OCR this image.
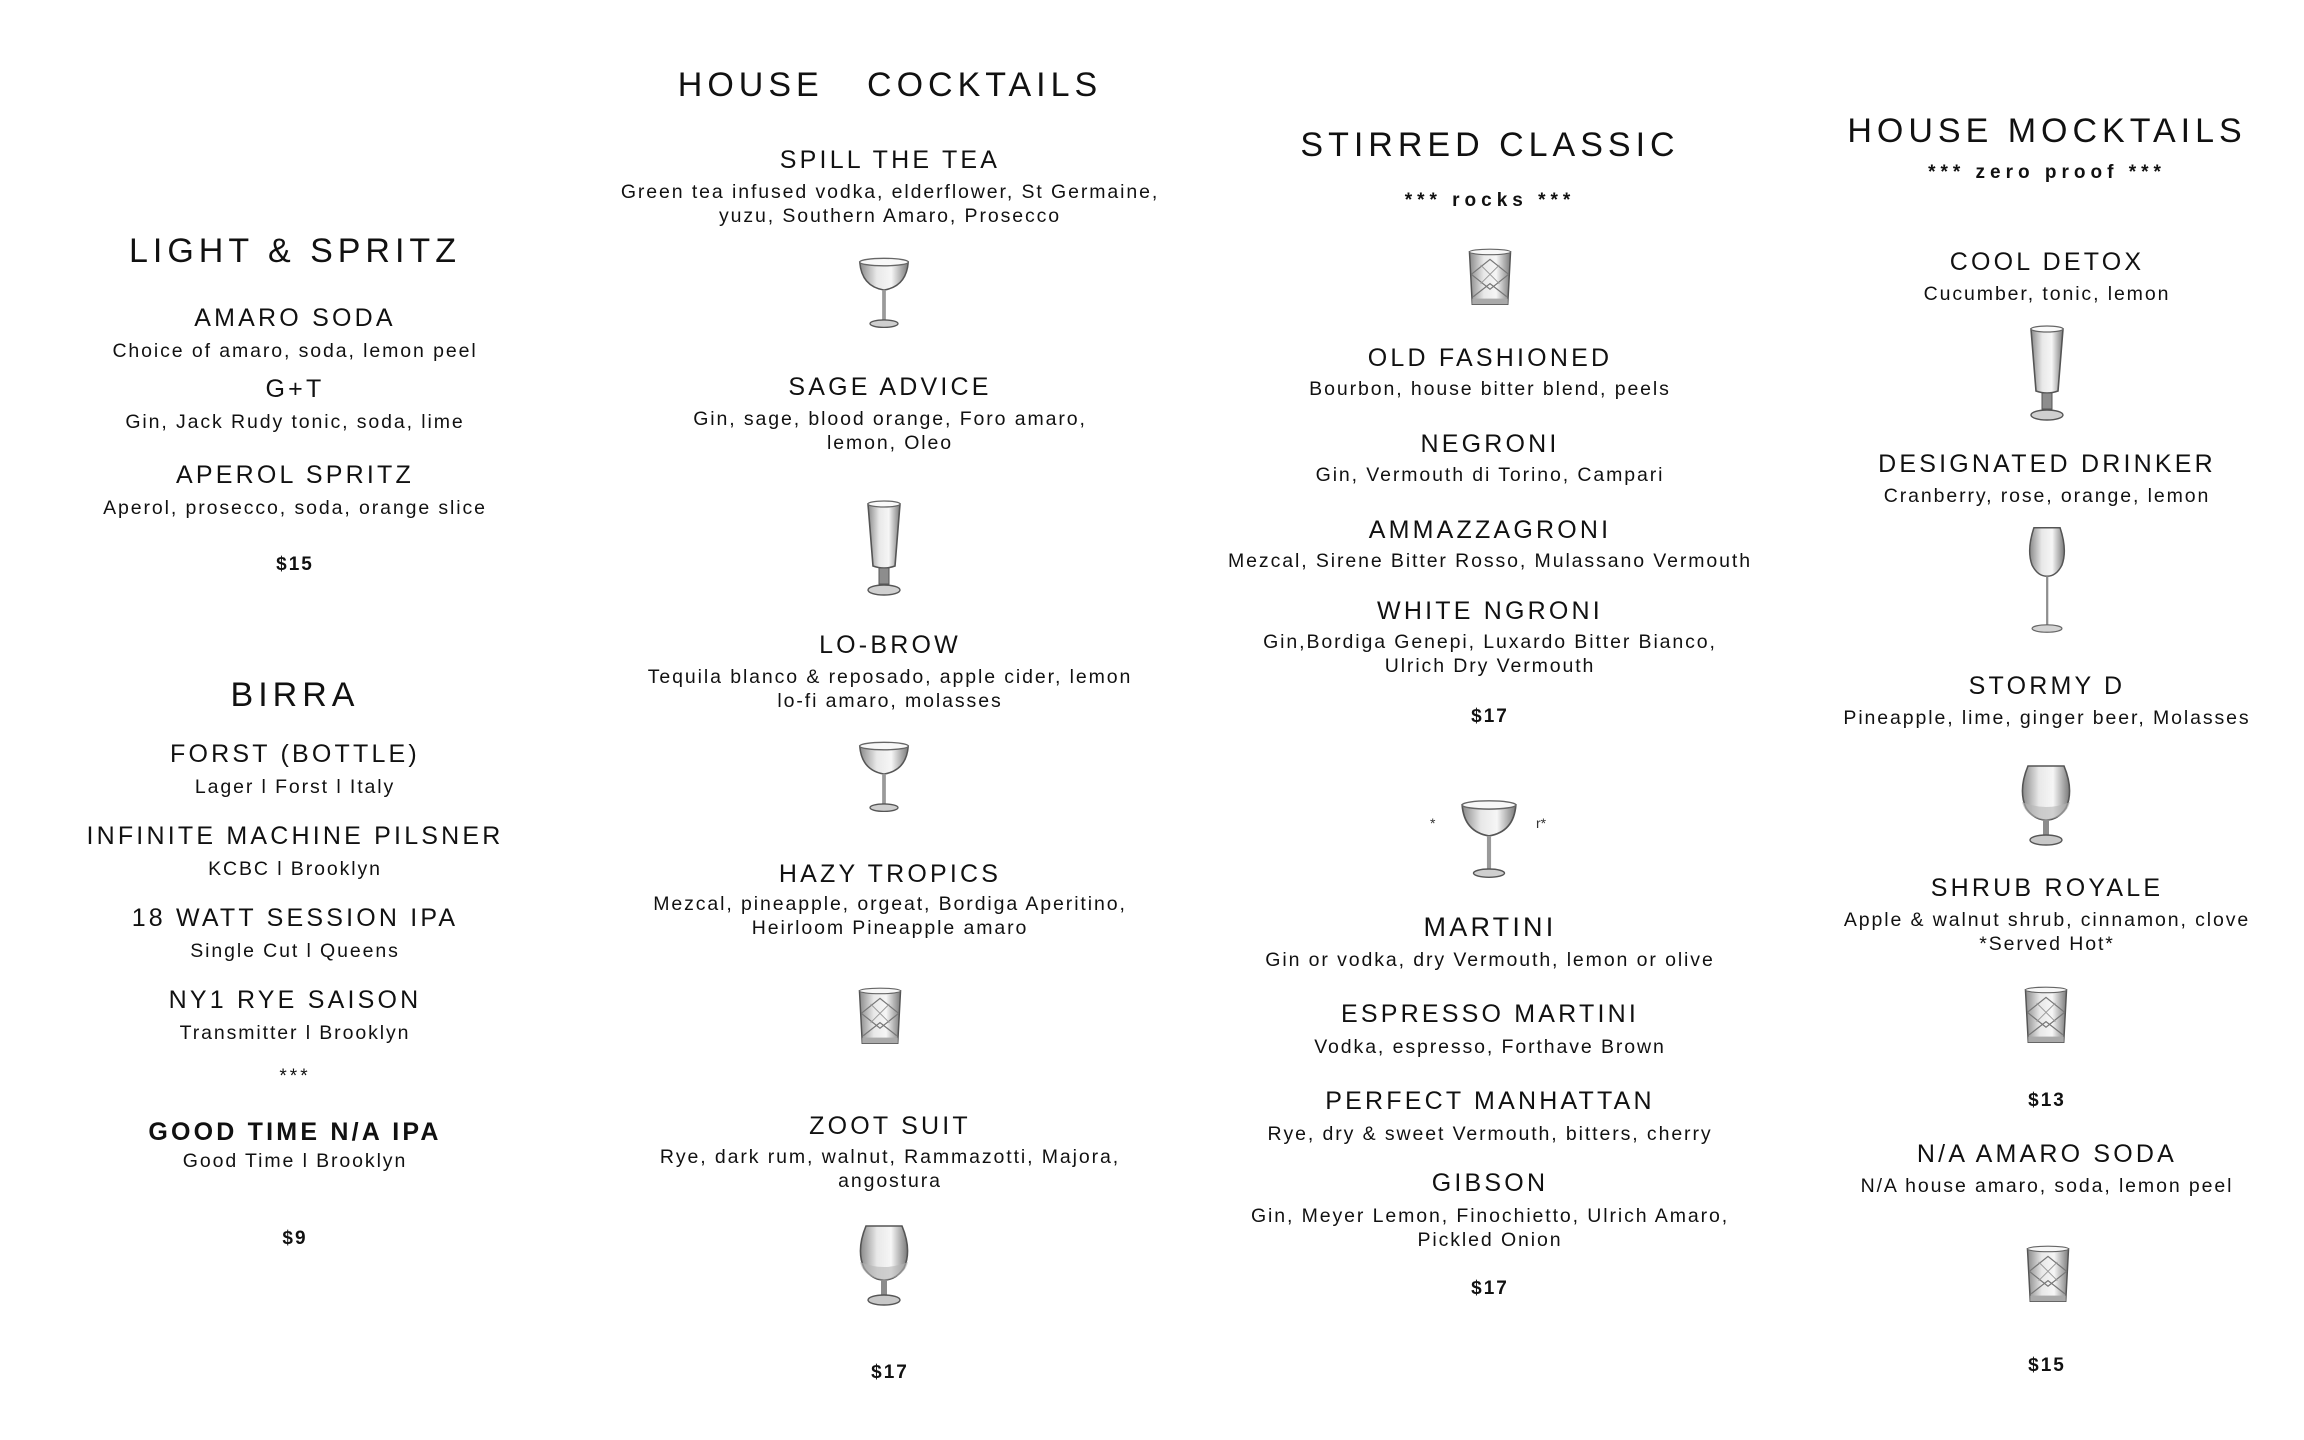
LIGHT & SPRITZ
AMARO SODA
Choice of amaro, soda, lemon peel
G+T
Gin, Jack Rudy tonic, soda, lime
APEROL SPRITZ
Aperol, prosecco, soda, orange slice
$15
BIRRA
FORST (BOTTLE)
Lager l Forst l Italy
INFINITE MACHINE PILSNER
KCBC l Brooklyn
18 WATT SESSION IPA
Single Cut l Queens
NY1 RYE SAISON
Transmitter l Brooklyn
***
GOOD TIME N/A IPA
Good Time l Brooklyn
$9
HOUSE   COCKTAILS
SPILL THE TEA
Green tea infused vodka, elderflower, St Germaine,
yuzu, Southern Amaro, Prosecco
SAGE ADVICE
Gin, sage, blood orange, Foro amaro,
lemon, Oleo
LO-BROW
Tequila blanco & reposado, apple cider, lemon
lo-fi amaro, molasses
HAZY TROPICS
Mezcal, pineapple, orgeat, Bordiga Aperitino,
Heirloom Pineapple amaro
ZOOT SUIT
Rye, dark rum, walnut, Rammazotti, Majora,
angostura
$17
STIRRED CLASSIC
*** rocks ***
OLD FASHIONED
Bourbon, house bitter blend, peels
NEGRONI
Gin, Vermouth di Torino, Campari
AMMAZZAGRONI
Mezcal, Sirene Bitter Rosso, Mulassano Vermouth
WHITE NGRONI
Gin,Bordiga Genepi, Luxardo Bitter Bianco,
Ulrich Dry Vermouth
$17
*	r*
MARTINI
Gin or vodka, dry Vermouth, lemon or olive
ESPRESSO MARTINI
Vodka, espresso, Forthave Brown
PERFECT MANHATTAN
Rye, dry & sweet Vermouth, bitters, cherry
GIBSON
Gin, Meyer Lemon, Finochietto, Ulrich Amaro,
Pickled Onion
$17
HOUSE MOCKTAILS
*** zero proof ***
COOL DETOX
Cucumber, tonic, lemon
DESIGNATED DRINKER
Cranberry, rose, orange, lemon
STORMY D
Pineapple, lime, ginger beer, Molasses
SHRUB ROYALE
Apple & walnut shrub, cinnamon, clove
*Served Hot*
$13
N/A AMARO SODA
N/A house amaro, soda, lemon peel
$15
